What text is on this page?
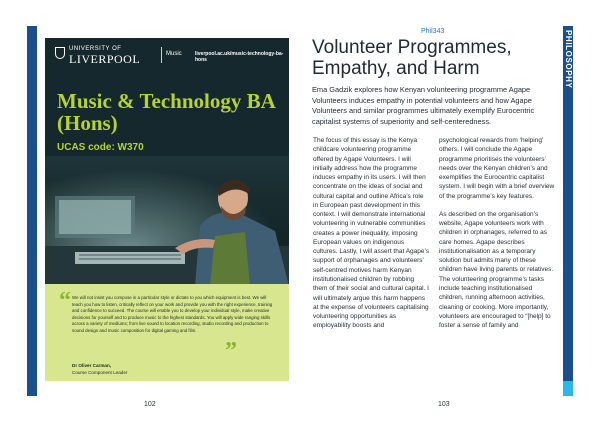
PHILOSOPHY
UNIVERSITY OF
LIVERPOOL	Music	liverpool.ac.uk/music-technology-ba-hons
Music & Technology BA (Hons)
UCAS code: W370
“ We will not insist you compose in a particular style or dictate to you which equipment is best. We will teach you how to listen, critically reflect on your work and provide you with the right experience, training and confidence to succeed. The course will enable you to develop your individual style, make creative decisions for yourself and to produce music to the highest standards. You will apply wide ranging skills across a variety of mediums; from live sound to location recording, studio recording and production to sound design and music composition for digital gaming and film.
”
Dr Oliver Carman,
Course Component Leader
Phil343
Volunteer Programmes, Empathy, and Harm
Ema Gadzik explores how Kenyan volunteering programme Agape Volunteers induces empathy in potential volunteers and how Agape Volunteers and similar programmes ultimately exemplify Eurocentric capitalist systems of superiority and self-centeredness.

The focus of this essay is the Kenya childcare volunteering programme offered by Agape Volunteers. I will initially address how the programme induces empathy in its users. I will then concentrate on the ideas of social and cultural capital and outline Africa’s role in European past development in this context. I will demonstrate international volunteering in vulnerable communities creates a power inequality, imposing European values on indigenous cultures. Lastly, I will assert that Agape’s support of orphanages and volunteers’ self-centred motives harm Kenyan institutionalised children by robbing them of their social and cultural capital. I will ultimately argue this harm happens at the expense of volunteers capitalising volunteering opportunities as employability boosts and

psychological rewards from ‘helping’ others. I will conclude the Agape programme prioritises the volunteers’ needs over the Kenyan children’s and exemplifies the Eurocentric capitalist system. I will begin with a brief overview of the programme’s key features.

As described on the organisation’s website, Agape volunteers work with children in orphanages, referred to as care homes. Agape describes institutionalisation as a temporary solution but admits many of these children have living parents or relatives. The volunteering programme’s tasks include teaching institutionalised children, running afternoon activities, cleaning or cooking. More importantly, volunteers are encouraged to “[help] to foster a sense of family and

102	103
